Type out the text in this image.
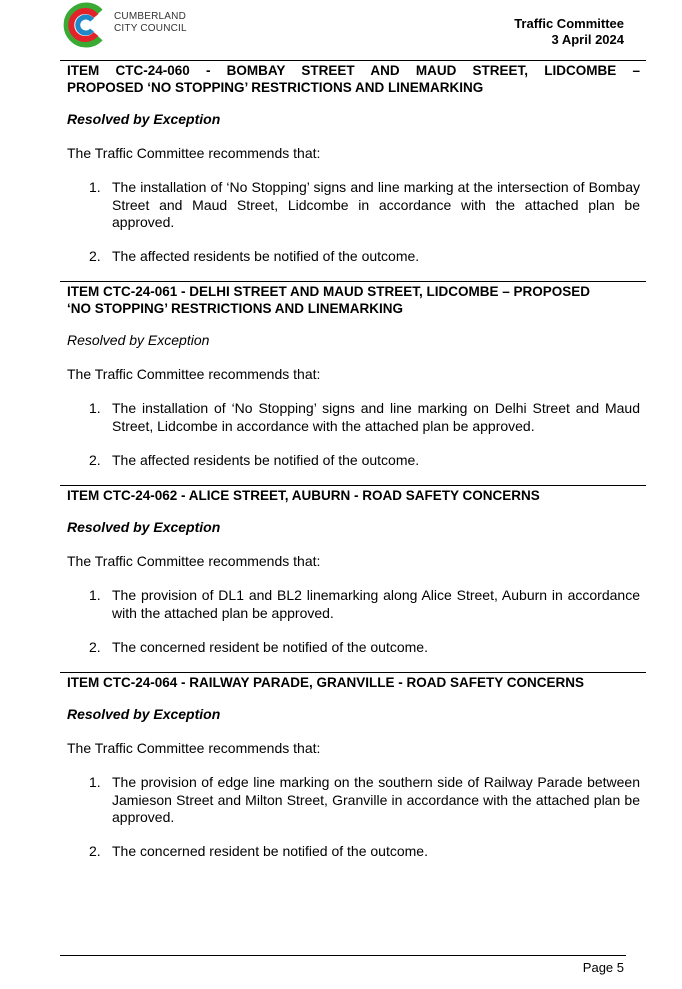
CUMBERLAND
CITY COUNCIL	Traffic Committee
3 April 2024
ITEM CTC-24-060 - BOMBAY STREET AND MAUD STREET, LIDCOMBE –
PROPOSED ‘NO STOPPING’ RESTRICTIONS AND LINEMARKING
Resolved by Exception
The Traffic Committee recommends that:
1. The installation of ‘No Stopping’ signs and line marking at the intersection of Bombay Street and Maud Street, Lidcombe in accordance with the attached plan be approved.
2. The affected residents be notified of the outcome.
ITEM CTC-24-061 - DELHI STREET AND MAUD STREET, LIDCOMBE – PROPOSED
‘NO STOPPING’ RESTRICTIONS AND LINEMARKING
Resolved by Exception
The Traffic Committee recommends that:
1. The installation of ‘No Stopping’ signs and line marking on Delhi Street and Maud Street, Lidcombe in accordance with the attached plan be approved.
2. The affected residents be notified of the outcome.
ITEM CTC-24-062 - ALICE STREET, AUBURN - ROAD SAFETY CONCERNS
Resolved by Exception
The Traffic Committee recommends that:
1. The provision of DL1 and BL2 linemarking along Alice Street, Auburn in accordance with the attached plan be approved.
2. The concerned resident be notified of the outcome.
ITEM CTC-24-064 - RAILWAY PARADE, GRANVILLE - ROAD SAFETY CONCERNS
Resolved by Exception
The Traffic Committee recommends that:
1. The provision of edge line marking on the southern side of Railway Parade between Jamieson Street and Milton Street, Granville in accordance with the attached plan be approved.
2. The concerned resident be notified of the outcome.
Page 5
